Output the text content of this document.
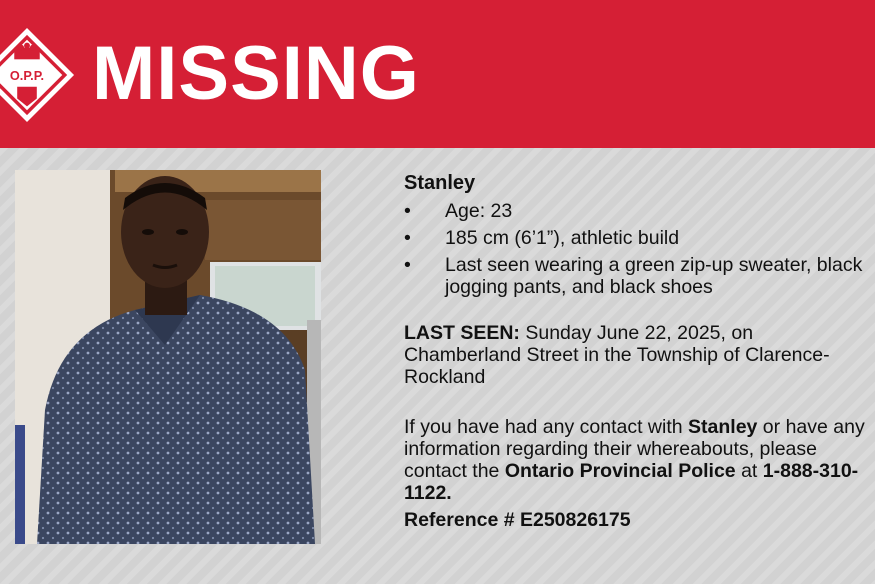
O.P.P. MISSING
Stanley
• Age: 23
• 185 cm (6’1”), athletic build
• Last seen wearing a green zip-up sweater, black jogging pants, and black shoes
LAST SEEN: Sunday June 22, 2025, on Chamberland Street in the Township of Clarence-Rockland
If you have had any contact with Stanley or have any information regarding their whereabouts, please contact the Ontario Provincial Police at 1-888-310-1122.
Reference # E250826175
